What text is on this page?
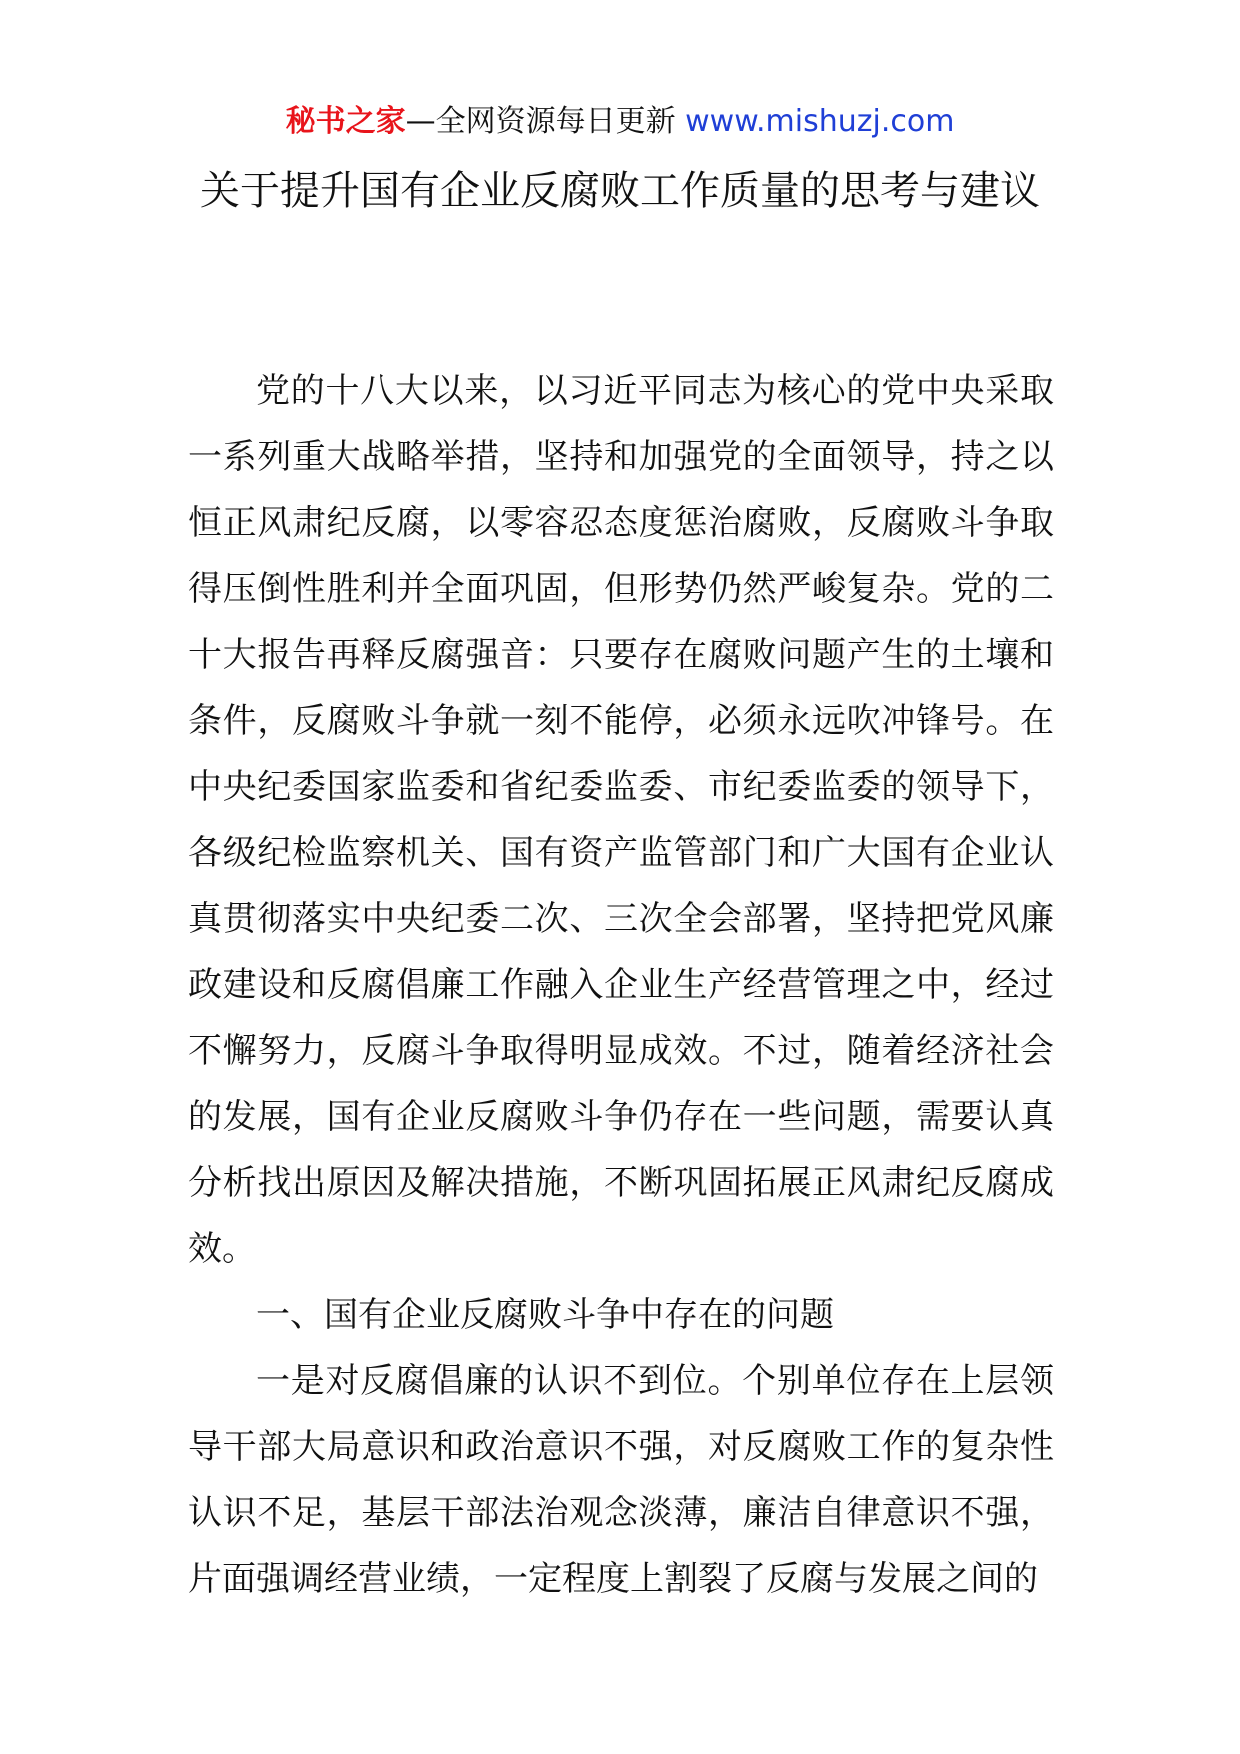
秘书之家—全网资源每日更新 www.mishuzj.com
关于提升国有企业反腐败工作质量的思考与建议

党的十八大以来，以习近平同志为核心的党中央采取一系列重大战略举措，坚持和加强党的全面领导，持之以恒正风肃纪反腐，以零容忍态度惩治腐败，反腐败斗争取得压倒性胜利并全面巩固，但形势仍然严峻复杂。党的二十大报告再释反腐强音：只要存在腐败问题产生的土壤和条件，反腐败斗争就一刻不能停，必须永远吹冲锋号。在中央纪委国家监委和省纪委监委、市纪委监委的领导下，各级纪检监察机关、国有资产监管部门和广大国有企业认真贯彻落实中央纪委二次、三次全会部署，坚持把党风廉政建设和反腐倡廉工作融入企业生产经营管理之中，经过不懈努力，反腐斗争取得明显成效。不过，随着经济社会的发展，国有企业反腐败斗争仍存在一些问题，需要认真分析找出原因及解决措施，不断巩固拓展正风肃纪反腐成效。

一、国有企业反腐败斗争中存在的问题

一是对反腐倡廉的认识不到位。个别单位存在上层领导干部大局意识和政治意识不强，对反腐败工作的复杂性认识不足，基层干部法治观念淡薄，廉洁自律意识不强，片面强调经营业绩，一定程度上割裂了反腐与发展之间的
